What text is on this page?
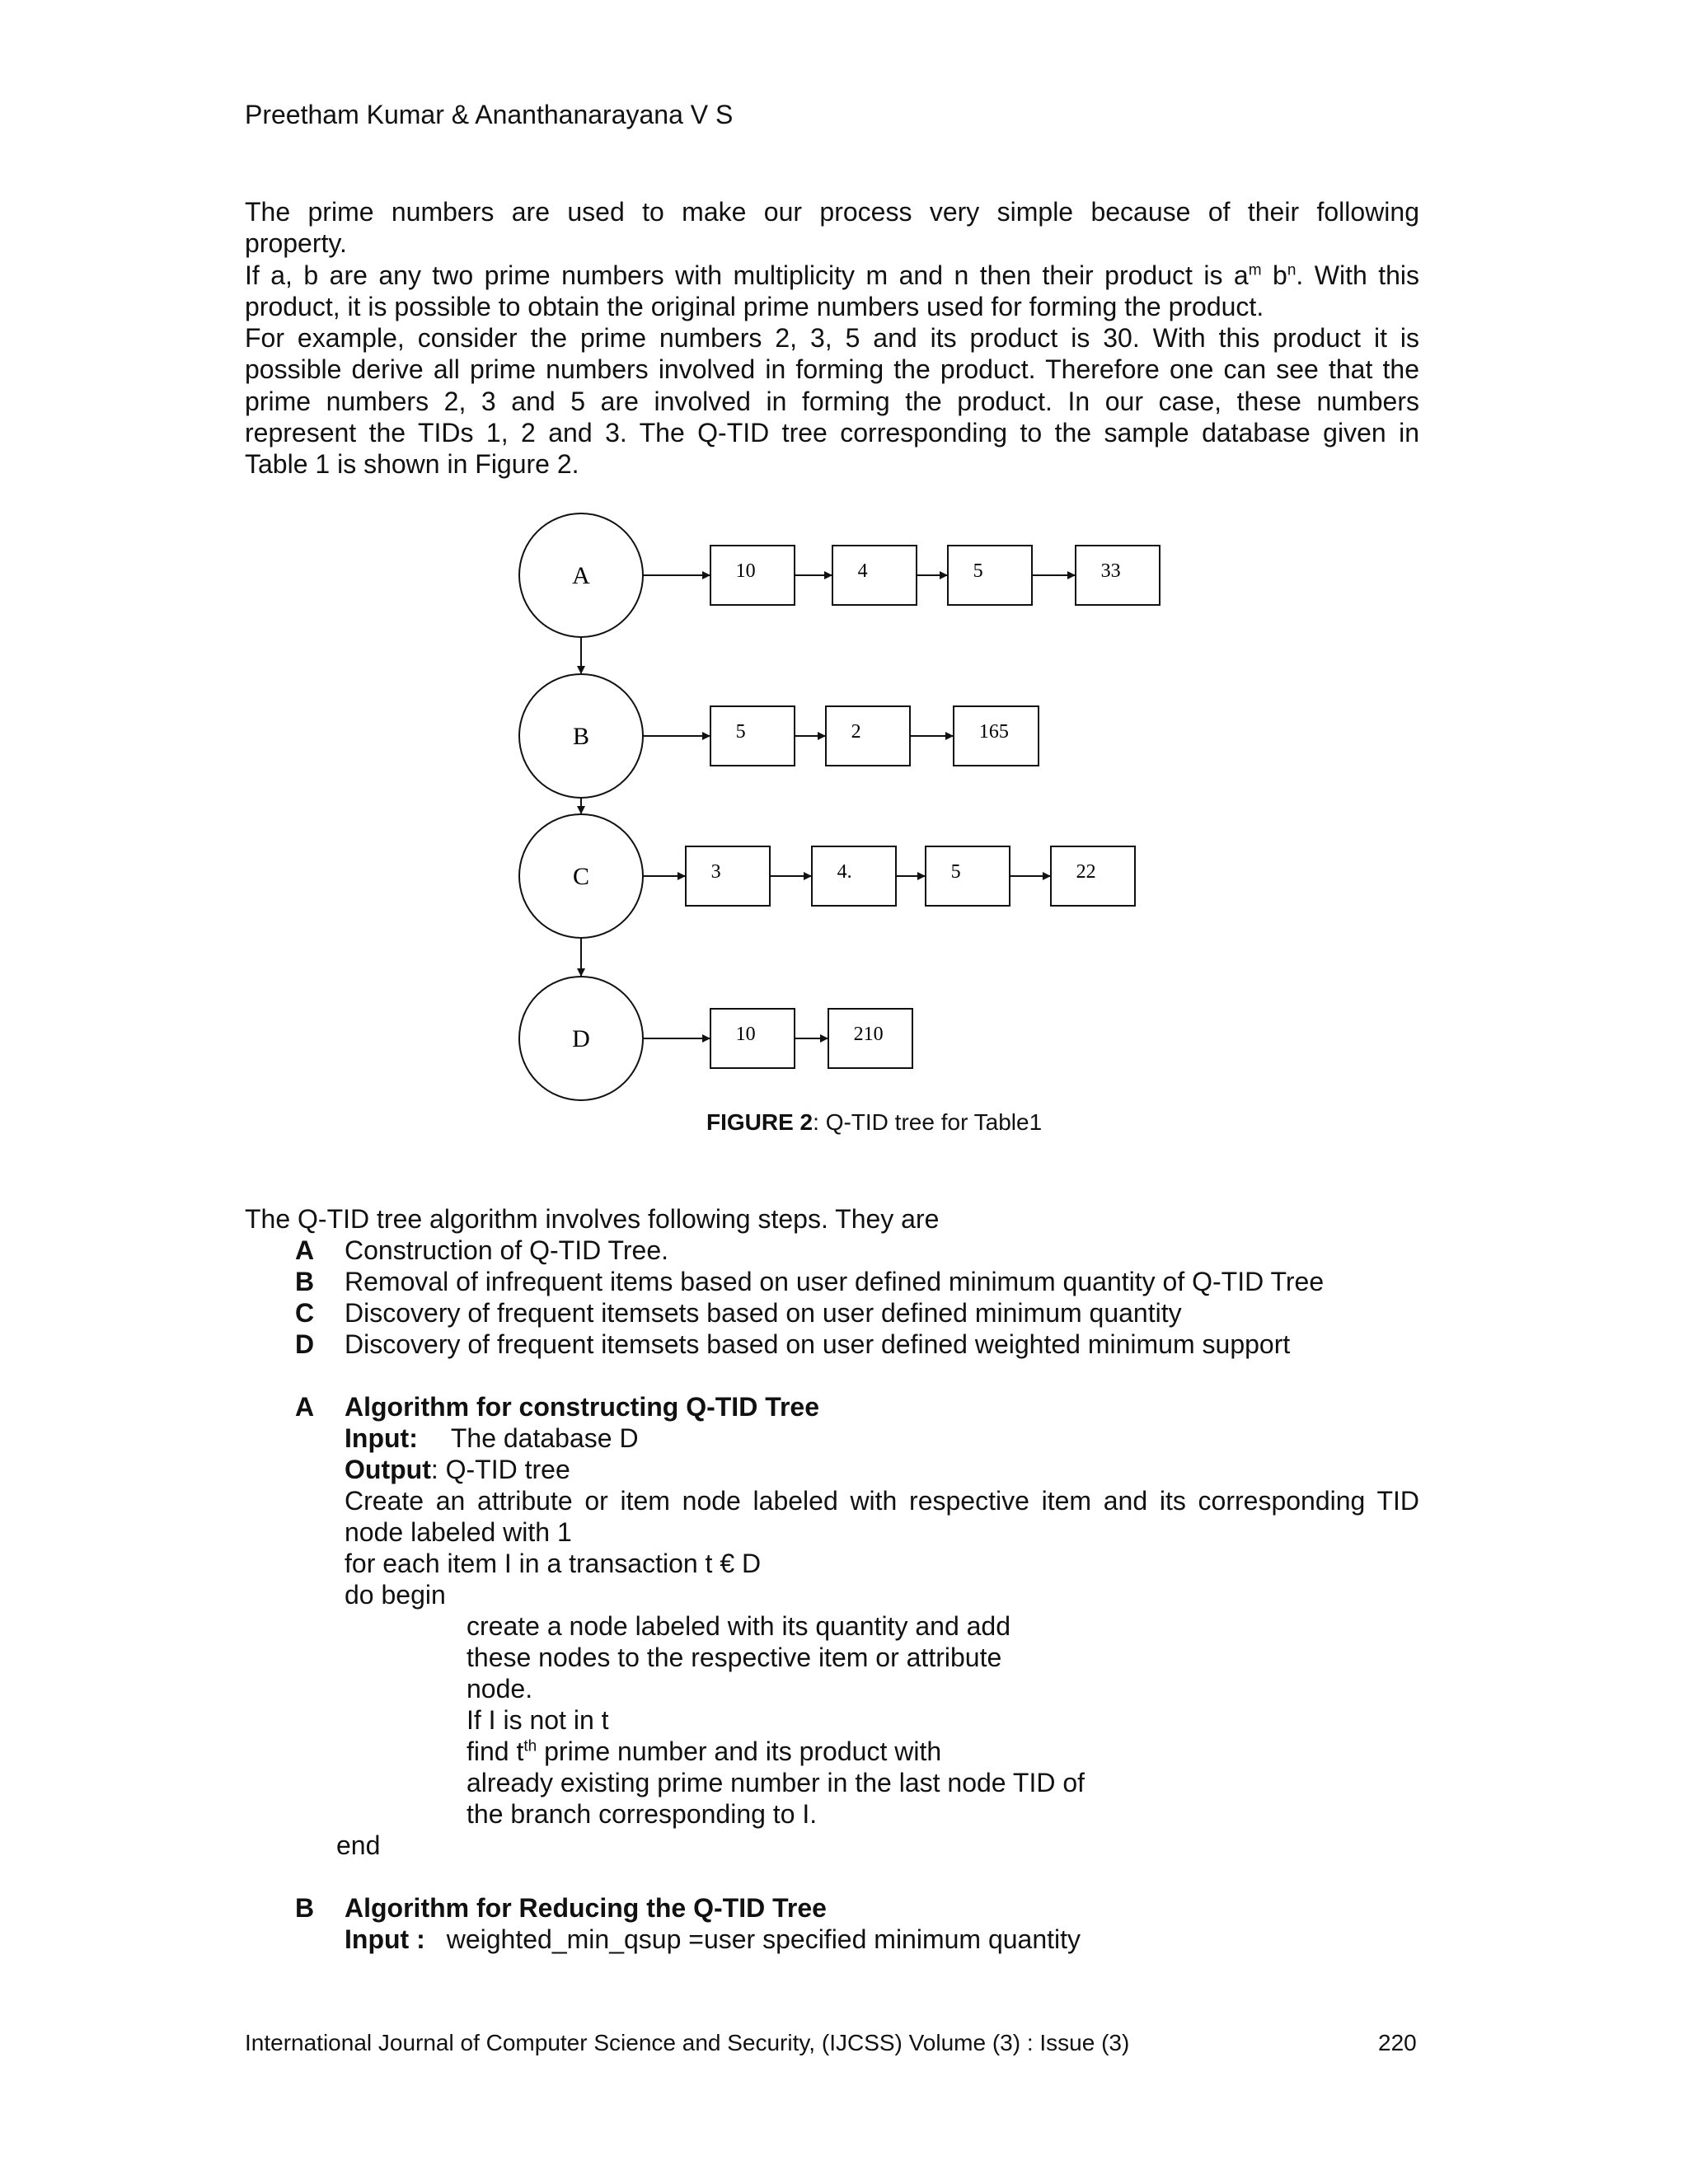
Preetham Kumar & Ananthanarayana V S
The prime numbers are used to make our process very simple because of their following
property.
If a, b are any two prime numbers with multiplicity m and n then their product is $a^m$ $b^n$. With this
product, it is possible to obtain the original prime numbers used for forming the product.
For example, consider the prime numbers 2, 3, 5 and its product is 30. With this product it is
possible derive all prime numbers involved in forming the product. Therefore one can see that the
prime numbers 2, 3 and 5 are involved in forming the product. In our case, these numbers
represent the TIDs 1, 2 and 3. The Q-TID tree corresponding to the sample database given in
Table 1 is shown in Figure 2.
A	10	4	5	33
B	5	2	165
C	3	4.	5	22
D	10	210
FIGURE 2: Q-TID tree for Table1
The Q-TID tree algorithm involves following steps. They are
A Construction of Q-TID Tree.
B Removal of infrequent items based on user defined minimum quantity of Q-TID Tree
C Discovery of frequent itemsets based on user defined minimum quantity
D Discovery of frequent itemsets based on user defined weighted minimum support
A Algorithm for constructing Q-TID Tree
Input: The database D
Output: Q-TID tree
Create an attribute or item node labeled with respective item and its corresponding TID
node labeled with 1
for each item I in a transaction t € D
do begin
create a node labeled with its quantity and add
these nodes to the respective item or attribute
node.
If I is not in t
find $t^{th}$ prime number and its product with
already existing prime number in the last node TID of
the branch corresponding to I.
end
B Algorithm for Reducing the Q-TID Tree
Input : weighted_min_qsup =user specified minimum quantity
International Journal of Computer Science and Security, (IJCSS) Volume (3) : Issue (3)	220
